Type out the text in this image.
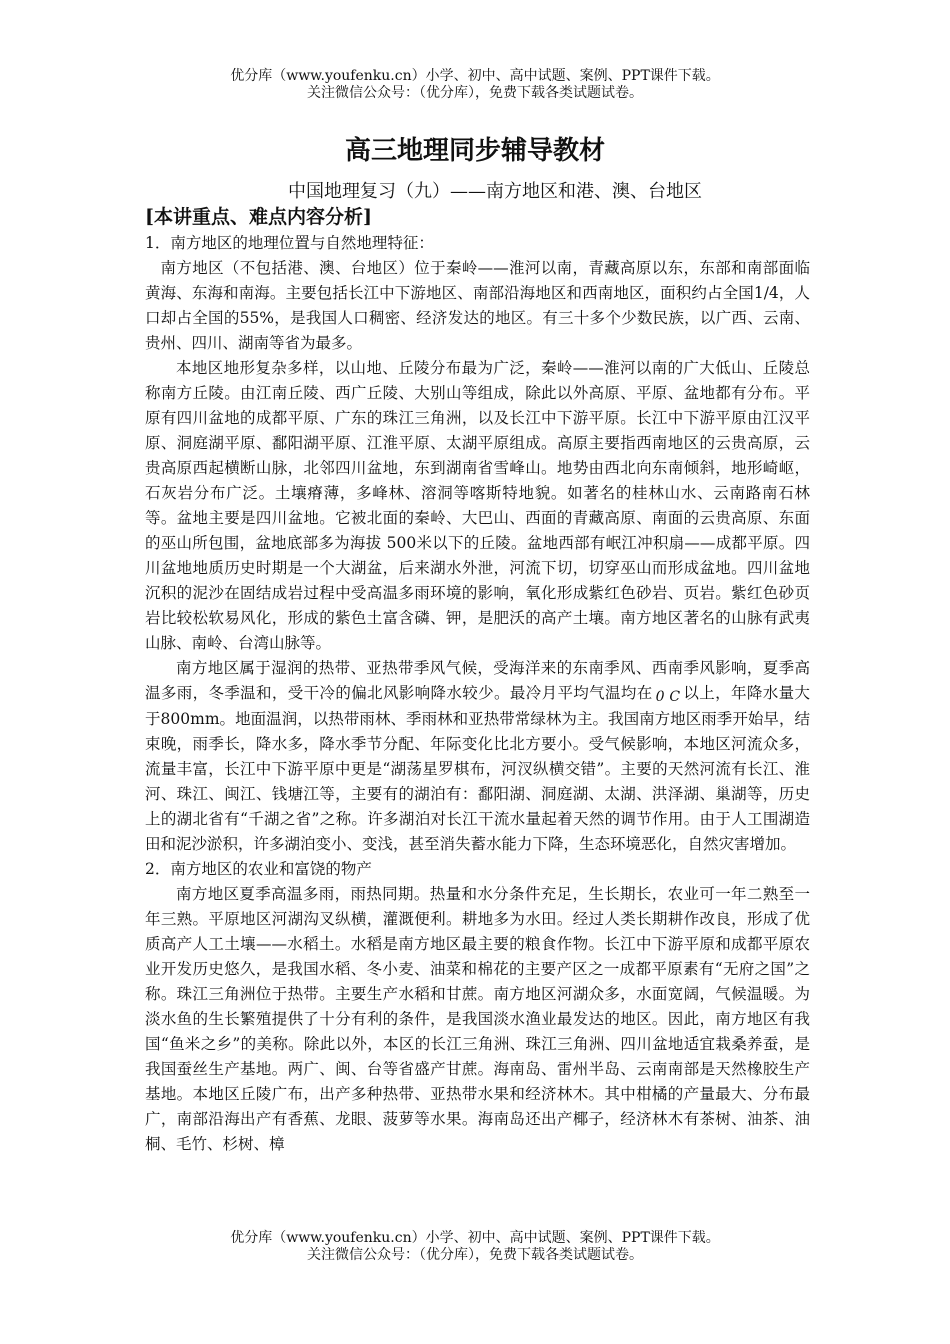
优分库（www.youfenku.cn）小学、初中、高中试题、案例、PPT课件下载。
关注微信公众号：（优分库），免费下载各类试题试卷。
高三地理同步辅导教材
中国地理复习（九）——南方地区和港、澳、台地区

[本讲重点、难点内容分析]

1．南方地区的地理位置与自然地理特征：

南方地区（不包括港、澳、台地区）位于秦岭——淮河以南，青藏高原以东，东部和南部面临黄海、东海和南海。主要包括长江中下游地区、南部沿海地区和西南地区，面积约占全国1/4，人口却占全国的55%，是我国人口稠密、经济发达的地区。有三十多个少数民族，以广西、云南、贵州、四川、湖南等省为最多。

本地区地形复杂多样，以山地、丘陵分布最为广泛，秦岭——淮河以南的广大低山、丘陵总称南方丘陵。由江南丘陵、西广丘陵、大别山等组成，除此以外高原、平原、盆地都有分布。平原有四川盆地的成都平原、广东的珠江三角洲，以及长江中下游平原。长江中下游平原由江汉平原、洞庭湖平原、鄱阳湖平原、江淮平原、太湖平原组成。高原主要指西南地区的云贵高原，云贵高原西起横断山脉，北邻四川盆地，东到湖南省雪峰山。地势由西北向东南倾斜，地形崎岖，石灰岩分布广泛。土壤瘠薄，多峰林、溶洞等喀斯特地貌。如著名的桂林山水、云南路南石林等。盆地主要是四川盆地。它被北面的秦岭、大巴山、西面的青藏高原、南面的云贵高原、东面的巫山所包围，盆地底部多为海拔 500米以下的丘陵。盆地西部有岷江冲积扇——成都平原。四川盆地地质历史时期是一个大湖盆，后来湖水外泄，河流下切，切穿巫山而形成盆地。四川盆地沉积的泥沙在固结成岩过程中受高温多雨环境的影响，氧化形成紫红色砂岩、页岩。紫红色砂页岩比较松软易风化，形成的紫色土富含磷、钾，是肥沃的高产土壤。南方地区著名的山脉有武夷山脉、南岭、台湾山脉等。

南方地区属于湿润的热带、亚热带季风气候，受海洋来的东南季风、西南季风影响，夏季高温多雨，冬季温和，受干冷的偏北风影响降水较少。最冷月平均气温均在 0 C 以上，年降水量大于800mm。地面温润，以热带雨林、季雨林和亚热带常绿林为主。我国南方地区雨季开始早，结束晚，雨季长，降水多，降水季节分配、年际变化比北方要小。受气候影响，本地区河流众多，流量丰富，长江中下游平原中更是“湖荡星罗棋布，河汊纵横交错”。主要的天然河流有长江、淮河、珠江、闽江、钱塘江等，主要有的湖泊有：鄱阳湖、洞庭湖、太湖、洪泽湖、巢湖等，历史上的湖北省有“千湖之省”之称。许多湖泊对长江干流水量起着天然的调节作用。由于人工围湖造田和泥沙淤积，许多湖泊变小、变浅，甚至消失蓄水能力下降，生态环境恶化，自然灾害增加。

2．南方地区的农业和富饶的物产

南方地区夏季高温多雨，雨热同期。热量和水分条件充足，生长期长，农业可一年二熟至一年三熟。平原地区河湖沟叉纵横，灌溉便利。耕地多为水田。经过人类长期耕作改良，形成了优质高产人工土壤——水稻土。水稻是南方地区最主要的粮食作物。长江中下游平原和成都平原农业开发历史悠久，是我国水稻、冬小麦、油菜和棉花的主要产区之一成都平原素有“无府之国”之称。珠江三角洲位于热带。主要生产水稻和甘蔗。南方地区河湖众多，水面宽阔，气候温暖。为淡水鱼的生长繁殖提供了十分有利的条件，是我国淡水渔业最发达的地区。因此，南方地区有我国“鱼米之乡”的美称。除此以外，本区的长江三角洲、珠江三角洲、四川盆地适宜栽桑养蚕，是我国蚕丝生产基地。两广、闽、台等省盛产甘蔗。海南岛、雷州半岛、云南南部是天然橡胶生产基地。本地区丘陵广布，出产多种热带、亚热带水果和经济林木。其中柑橘的产量最大、分布最广，南部沿海出产有香蕉、龙眼、菠萝等水果。海南岛还出产椰子，经济林木有茶树、油茶、油桐、毛竹、杉树、樟

优分库（www.youfenku.cn）小学、初中、高中试题、案例、PPT课件下载。
关注微信公众号：（优分库），免费下载各类试题试卷。
